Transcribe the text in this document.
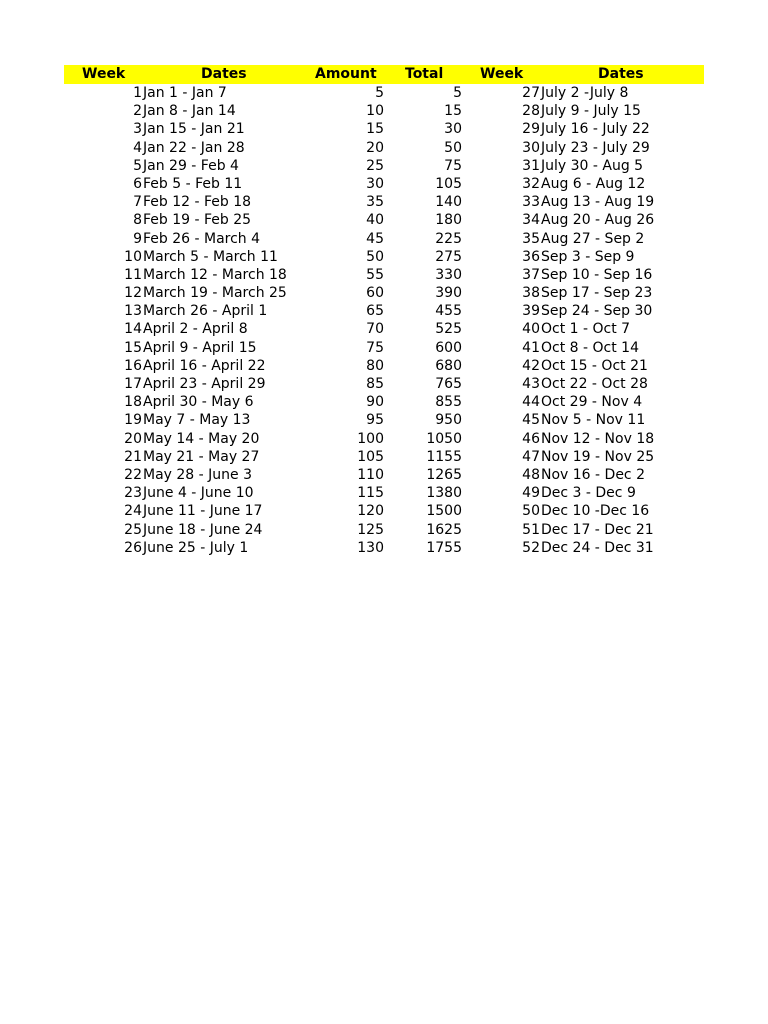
Week	Dates	Amount Total	Week	Dates
1 Jan 1 - Jan 7	5	5	27 July 2 -July 8
2 Jan 8 - Jan 14	10	15	28 July 9 - July 15
3 Jan 15 - Jan 21	15	30	29 July 16 - July 22
4 Jan 22 - Jan 28	20	50	30 July 23 - July 29
5 Jan 29 - Feb 4	25	75	31 July 30 - Aug 5
6 Feb 5 - Feb 11	30	105	32 Aug 6 - Aug 12
7 Feb 12 - Feb 18	35	140	33 Aug 13 - Aug 19
8 Feb 19 - Feb 25	40	180	34 Aug 20 - Aug 26
9 Feb 26 - March 4	45	225	35 Aug 27 - Sep 2
10 March 5 - March 11	50	275	36 Sep 3 - Sep 9
11 March 12 - March 18	55	330	37 Sep 10 - Sep 16
12 March 19 - March 25	60	390	38 Sep 17 - Sep 23
13 March 26 - April 1	65	455	39 Sep 24 - Sep 30
14 April 2 - April 8	70	525	40 Oct 1 - Oct 7
15 April 9 - April 15	75	600	41 Oct 8 - Oct 14
16 April 16 - April 22	80	680	42 Oct 15 - Oct 21
17 April 23 - April 29	85	765	43 Oct 22 - Oct 28
18 April 30 - May 6	90	855	44 Oct 29 - Nov 4
19 May 7 - May 13	95	950	45 Nov 5 - Nov 11
20 May 14 - May 20	100	1050	46 Nov 12 - Nov 18
21 May 21 - May 27	105	1155	47 Nov 19 - Nov 25
22 May 28 - June 3	110	1265	48 Nov 16 - Dec 2
23 June 4 - June 10	115	1380	49 Dec 3 - Dec 9
24 June 11 - June 17	120	1500	50 Dec 10 -Dec 16
25 June 18 - June 24	125	1625	51 Dec 17 - Dec 21
26 June 25 - July 1	130	1755	52 Dec 24 - Dec 31
